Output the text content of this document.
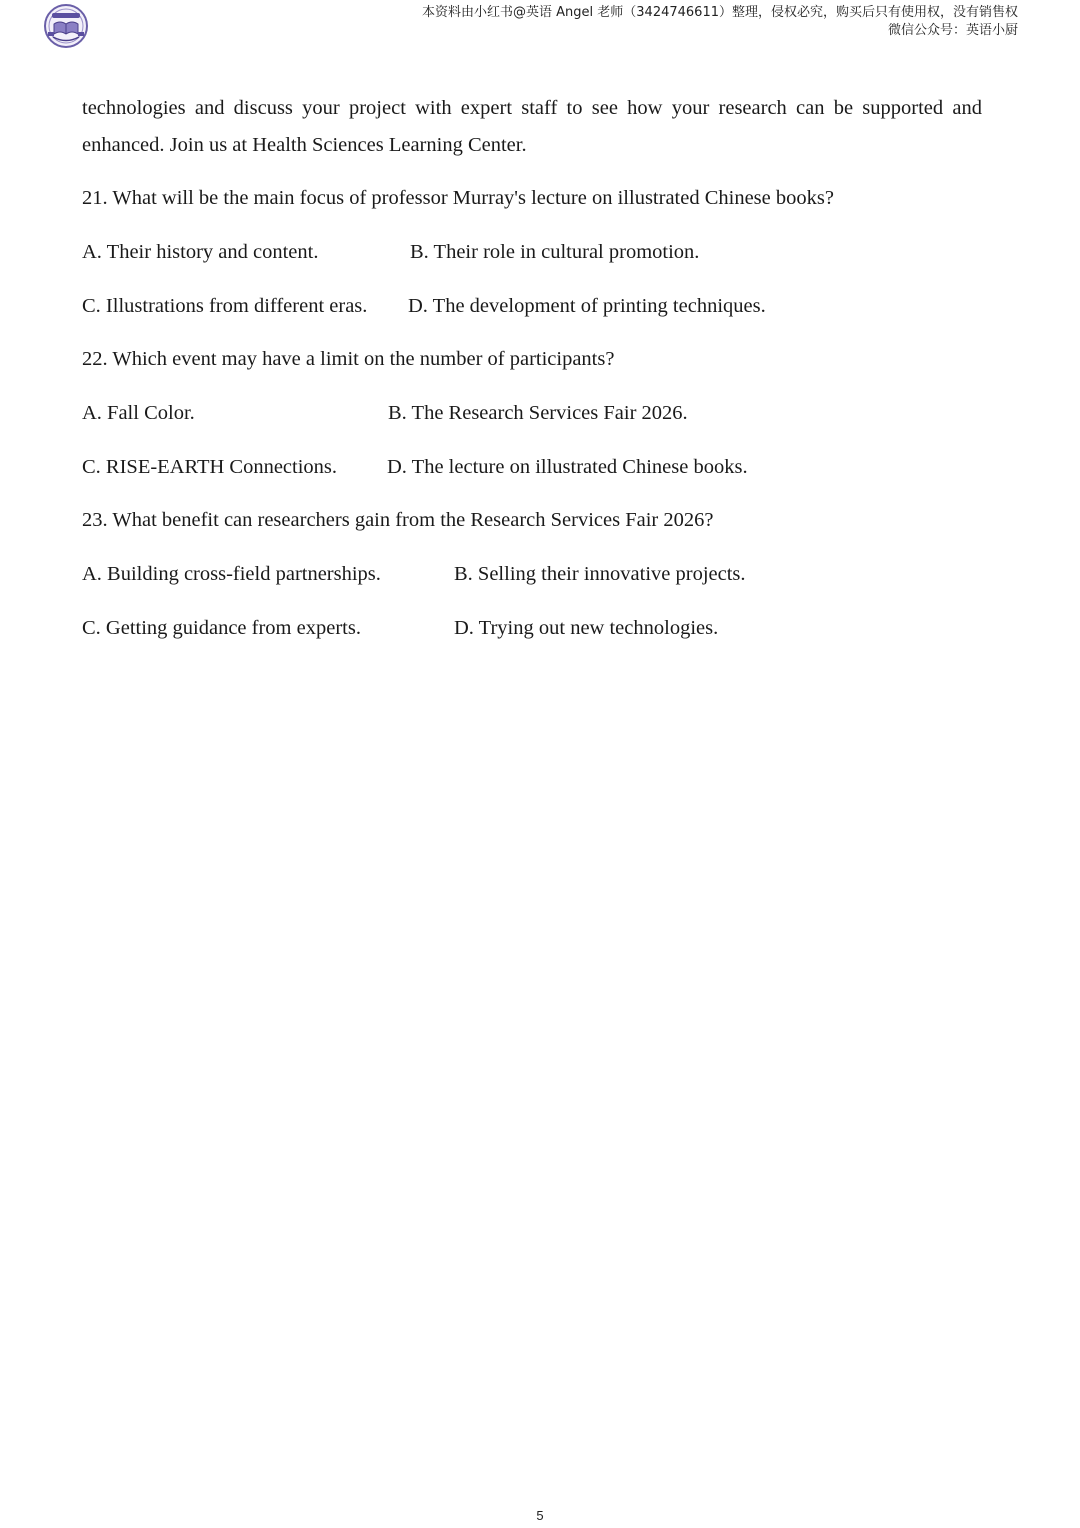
本资料由小红书@英语 Angel 老师（3424746611）整理，侵权必究，购买后只有使用权，没有销售权
微信公众号：英语小厨

technologies and discuss your project with expert staff to see how your research can be supported and enhanced. Join us at Health Sciences Learning Center.

21. What will be the main focus of professor Murray's lecture on illustrated Chinese books?
A. Their history and content.	B. Their role in cultural promotion.
C. Illustrations from different eras. D. The development of printing techniques.
22. Which event may have a limit on the number of participants?
A. Fall Color.	B. The Research Services Fair 2026.
C. RISE-EARTH Connections. D. The lecture on illustrated Chinese books.
23. What benefit can researchers gain from the Research Services Fair 2026?
A. Building cross-field partnerships.	B. Selling their innovative projects.
C. Getting guidance from experts.	D. Trying out new technologies.
5
